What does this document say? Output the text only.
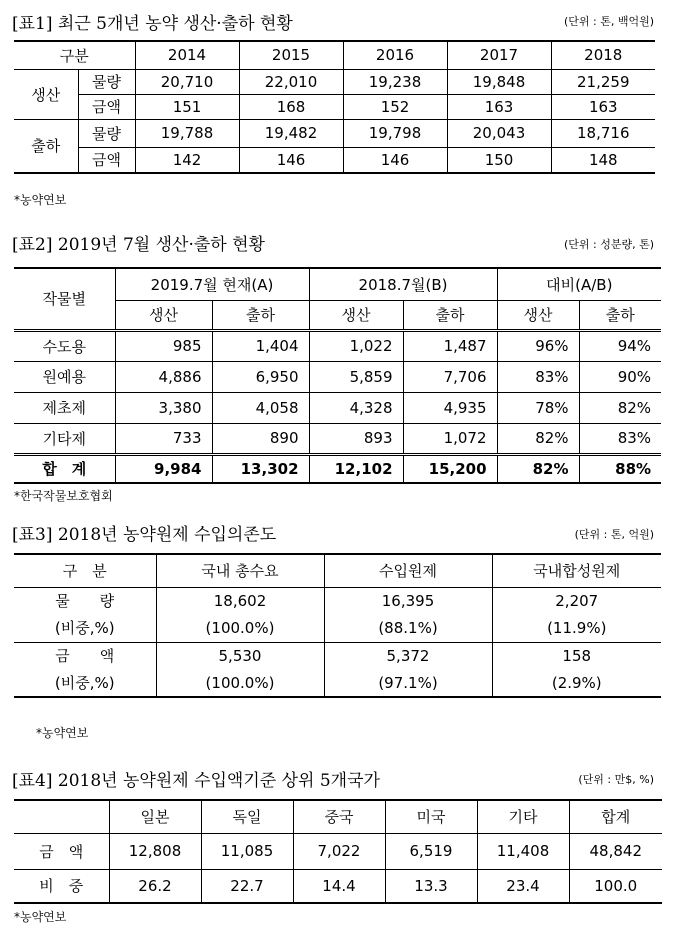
[표1] 최근 5개년 농약 생산·출하 현황	(단위 : 톤, 백억원)
구분		2014	2015	2016	2017	2018
생산	물량	20,710	22,010	19,238	19,848	21,259
	금액	151	168	152	163	163
출하	물량	19,788	19,482	19,798	20,043	18,716
	금액	142	146	146	150	148
*농약연보
[표2] 2019년 7월 생산·출하 현황	(단위 : 성분량, 톤)
작물별	2019.7월 현재(A)		2018.7월(B)		대비(A/B)	
	생산	출하	생산	출하	생산	출하
수도용	985	1,404	1,022	1,487	96%	94%
원예용	4,886	6,950	5,859	7,706	83%	90%
제초제	3,380	4,058	4,328	4,935	78%	82%
기타제	733	890	893	1,072	82%	83%
합　계	9,984	13,302	12,102	15,200	82%	88%
*한국작물보호협회
[표3] 2018년 농약원제 수입의존도	(단위 : 톤, 억원)
구　분	국내 총수요	수입원제	국내합성원제
물　　량	18,602	16,395	2,207
(비중,%)	(100.0%)	(88.1%)	(11.9%)
금　　액	5,530	5,372	158
(비중,%)	(100.0%)	(97.1%)	(2.9%)
*농약연보
[표4] 2018년 농약원제 수입액기준 상위 5개국가	(단위 : 만$, %)
	일본	독일	중국	미국	기타	합계
금　액	12,808	11,085	7,022	6,519	11,408	48,842
비　중	26.2	22.7	14.4	13.3	23.4	100.0
*농약연보
